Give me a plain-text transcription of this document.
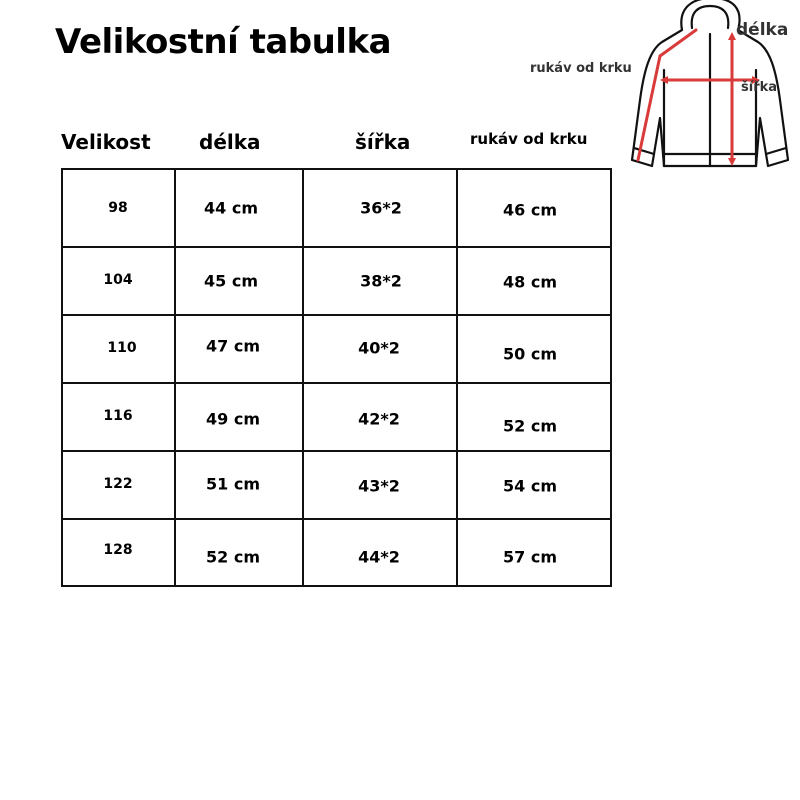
Velikostní tabulka
Velikost délka	šířka	rukáv od krku
98	44 cm	36*2	46 cm
104	45 cm	38*2	48 cm
110	47 cm	40*2	50 cm
116	49 cm	42*2	52 cm
122	51 cm	43*2	54 cm
128	52 cm	44*2	57 cm
délka
rukáv od krku
šířka
